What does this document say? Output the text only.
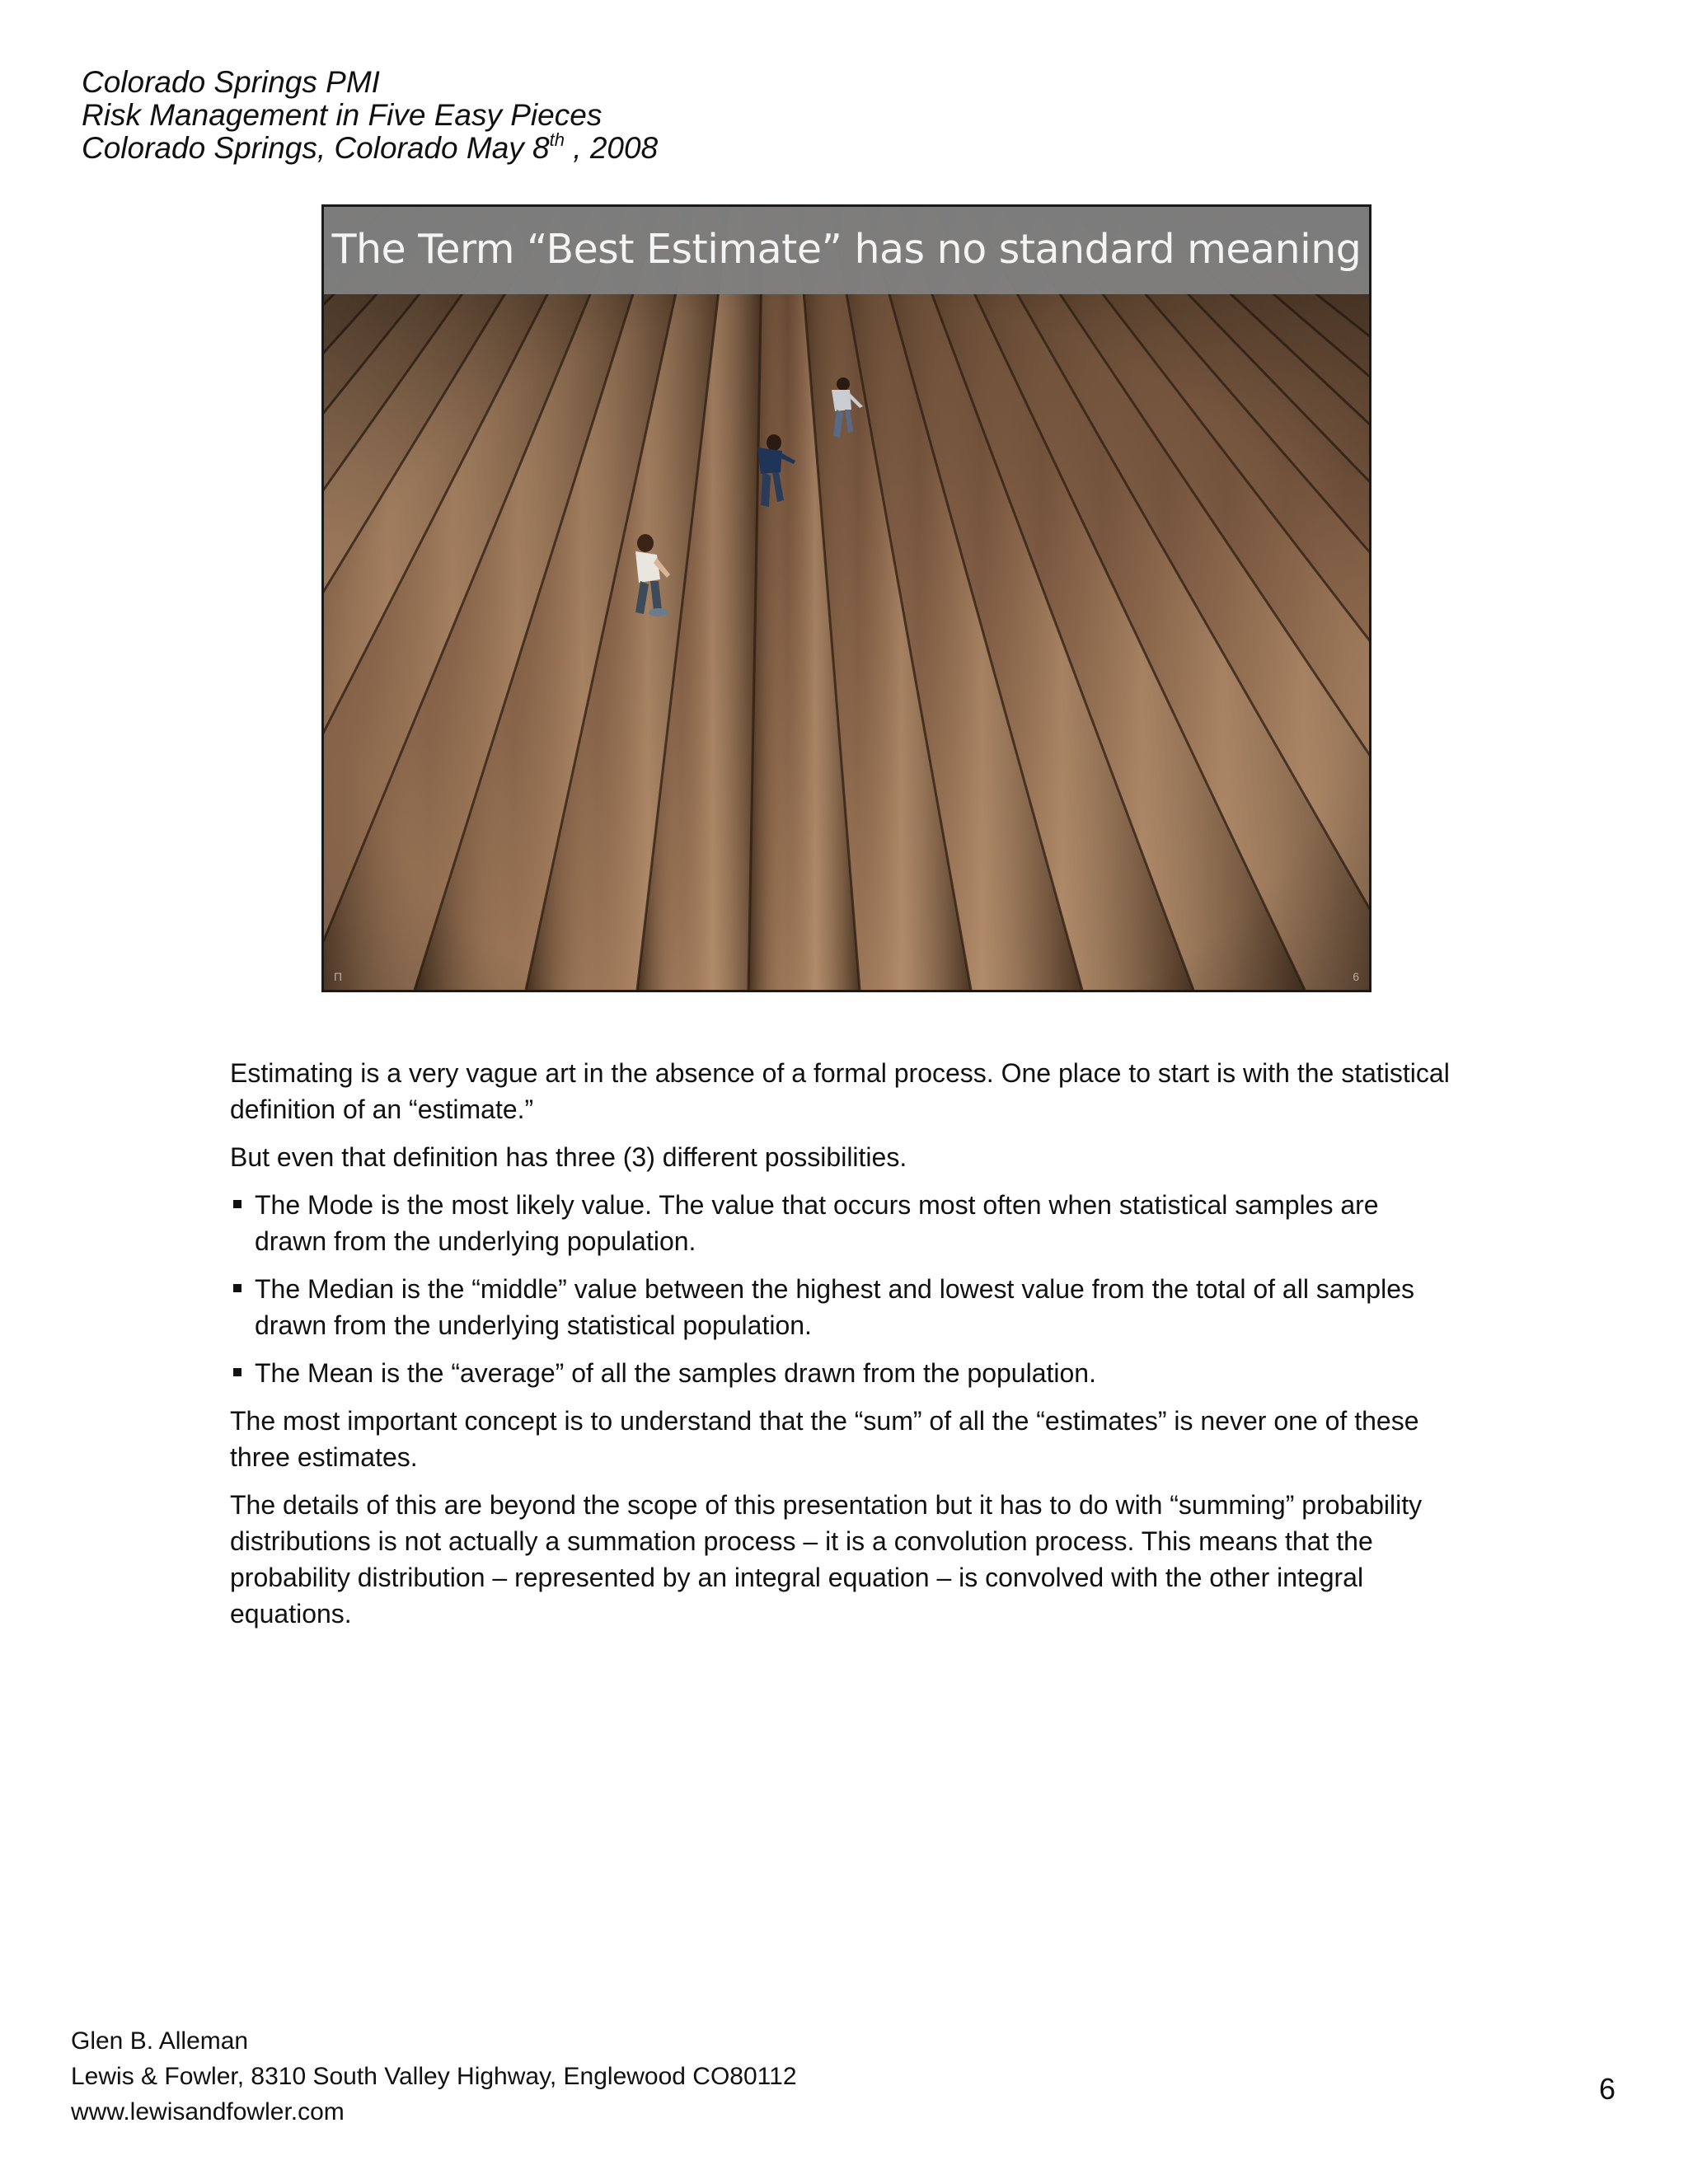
Colorado Springs PMI
Risk Management in Five Easy Pieces
Colorado Springs, Colorado May 8th , 2008
The Term “Best Estimate” has no standard meaning
Π	6

Estimating is a very vague art in the absence of a formal process. One place to start is with the statistical definition of an “estimate.”

But even that definition has three (3) different possibilities.

The Mode is the most likely value. The value that occurs most often when statistical samples are drawn from the underlying population.
The Median is the “middle” value between the highest and lowest value from the total of all samples drawn from the underlying statistical population.
The Mean is the “average” of all the samples drawn from the population.

The most important concept is to understand that the “sum” of all the “estimates” is never one of these three estimates.

The details of this are beyond the scope of this presentation but it has to do with “summing” probability distributions is not actually a summation process – it is a convolution process. This means that the probability distribution – represented by an integral equation – is convolved with the other integral equations.

Glen B. Alleman
Lewis & Fowler, 8310 South Valley Highway, Englewood CO80112
www.lewisandfowler.com
6
